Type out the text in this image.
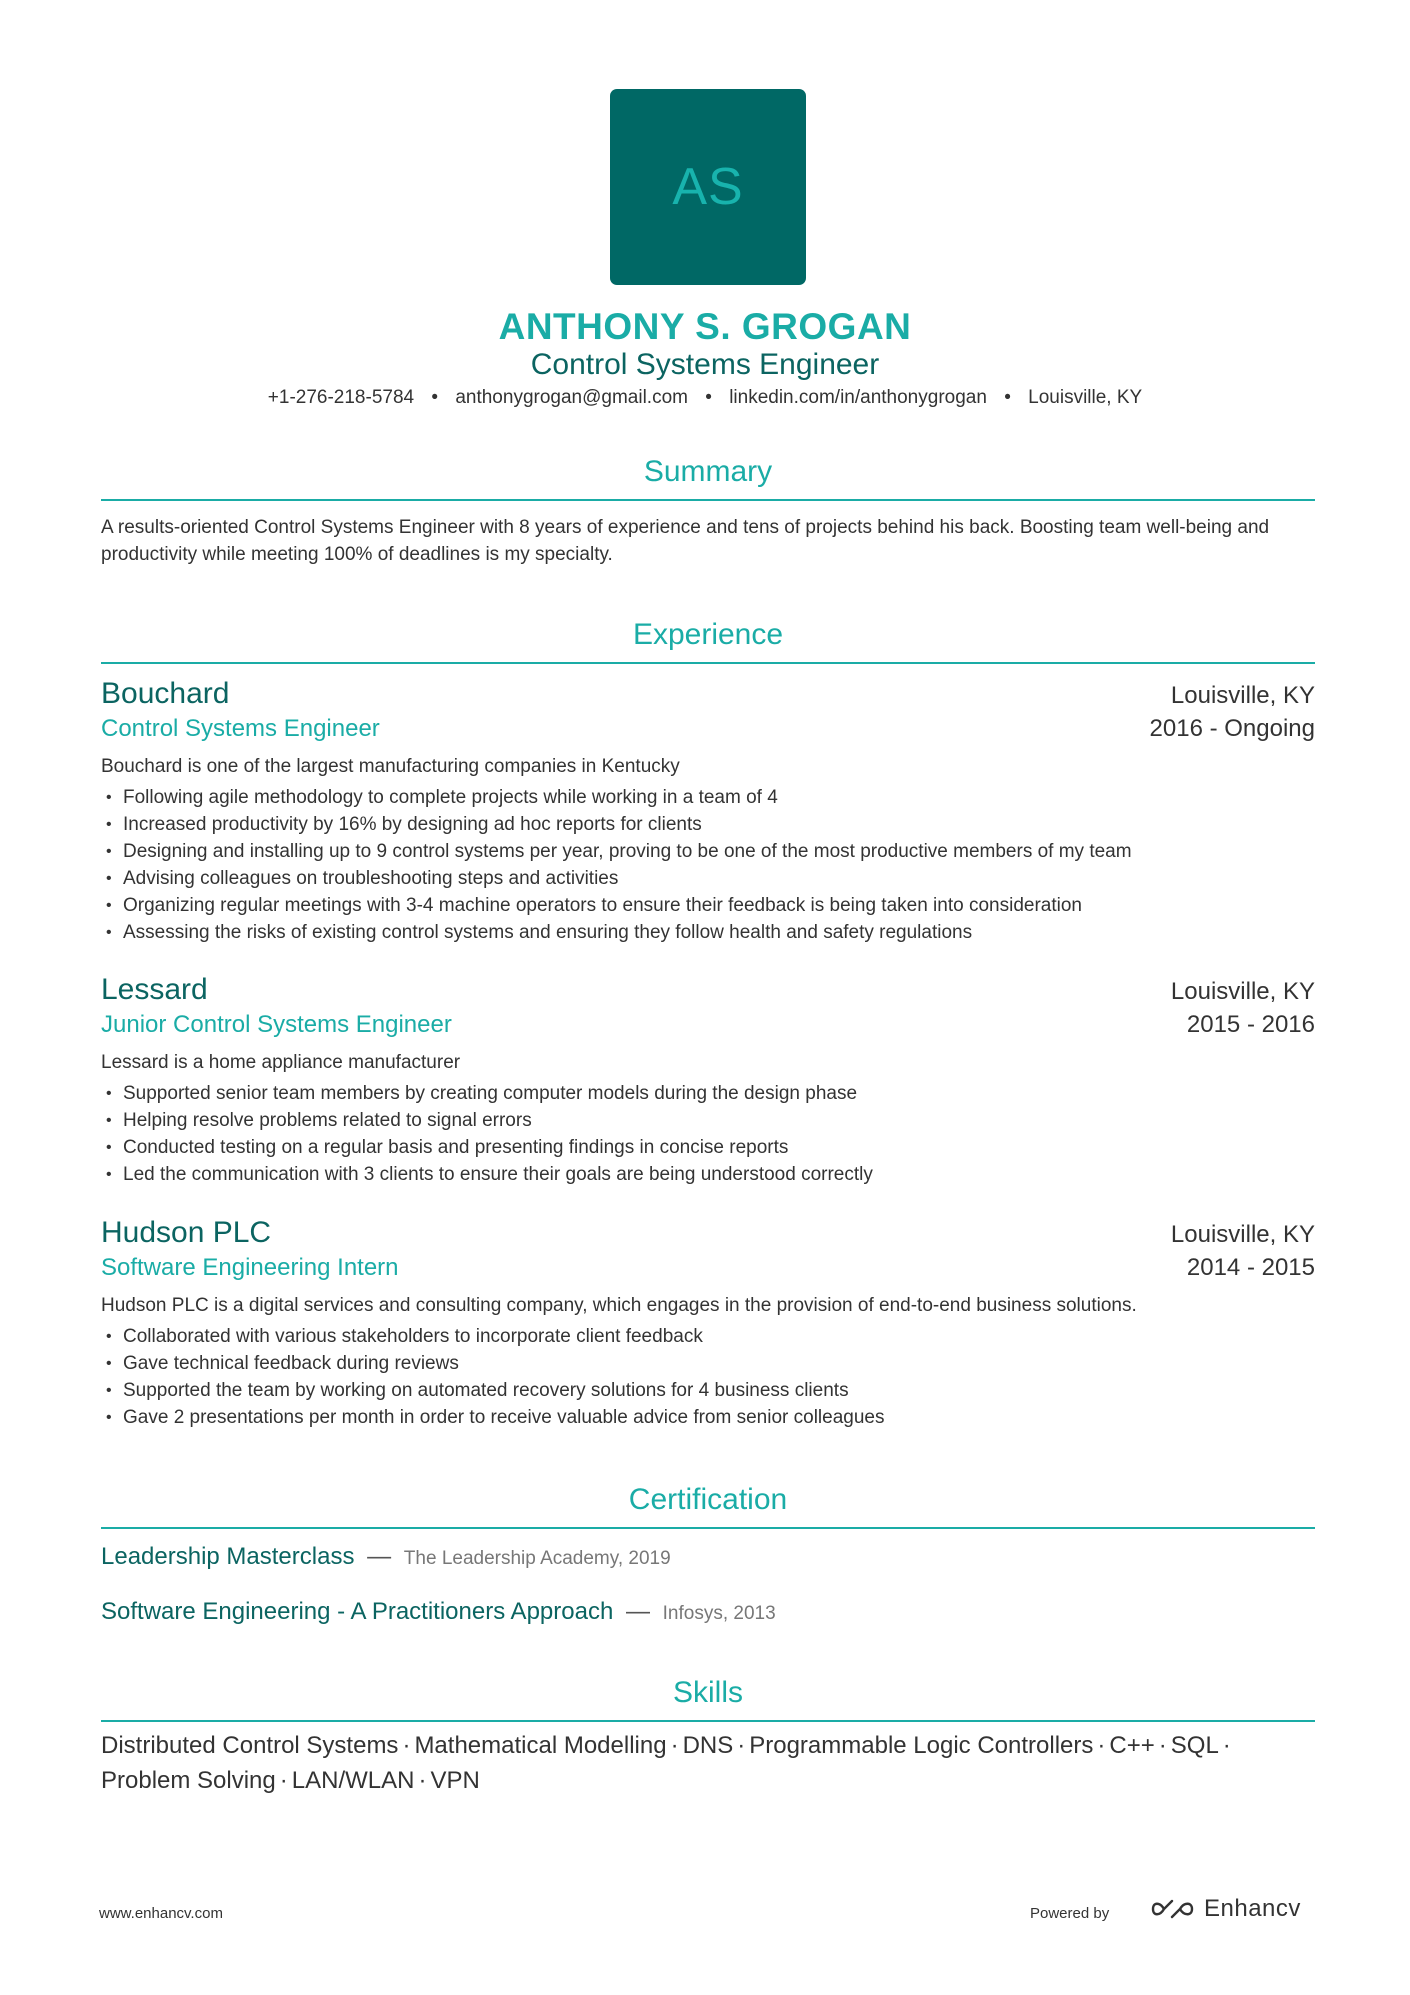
AS
ANTHONY S. GROGAN
Control Systems Engineer
+1-276-218-5784 • anthonygrogan@gmail.com • linkedin.com/in/anthonygrogan • Louisville, KY
Summary
A results-oriented Control Systems Engineer with 8 years of experience and tens of projects behind his back. Boosting team well-being and productivity while meeting 100% of deadlines is my specialty.
Experience
Bouchard	Louisville, KY
Control Systems Engineer	2016 - Ongoing
Bouchard is one of the largest manufacturing companies in Kentucky
• Following agile methodology to complete projects while working in a team of 4
• Increased productivity by 16% by designing ad hoc reports for clients
• Designing and installing up to 9 control systems per year, proving to be one of the most productive members of my team
• Advising colleagues on troubleshooting steps and activities
• Organizing regular meetings with 3-4 machine operators to ensure their feedback is being taken into consideration
• Assessing the risks of existing control systems and ensuring they follow health and safety regulations
Lessard	Louisville, KY
Junior Control Systems Engineer	2015 - 2016
Lessard is a home appliance manufacturer
• Supported senior team members by creating computer models during the design phase
• Helping resolve problems related to signal errors
• Conducted testing on a regular basis and presenting findings in concise reports
• Led the communication with 3 clients to ensure their goals are being understood correctly
Hudson PLC	Louisville, KY
Software Engineering Intern	2014 - 2015
Hudson PLC is a digital services and consulting company, which engages in the provision of end-to-end business solutions.
• Collaborated with various stakeholders to incorporate client feedback
• Gave technical feedback during reviews
• Supported the team by working on automated recovery solutions for 4 business clients
• Gave 2 presentations per month in order to receive valuable advice from senior colleagues
Certification
Leadership Masterclass — The Leadership Academy, 2019
Software Engineering - A Practitioners Approach — Infosys, 2013
Skills
Distributed Control Systems · Mathematical Modelling · DNS · Programmable Logic Controllers · C++ · SQL ·
Problem Solving · LAN/WLAN · VPN
www.enhancv.com	Powered by	Enhancv
